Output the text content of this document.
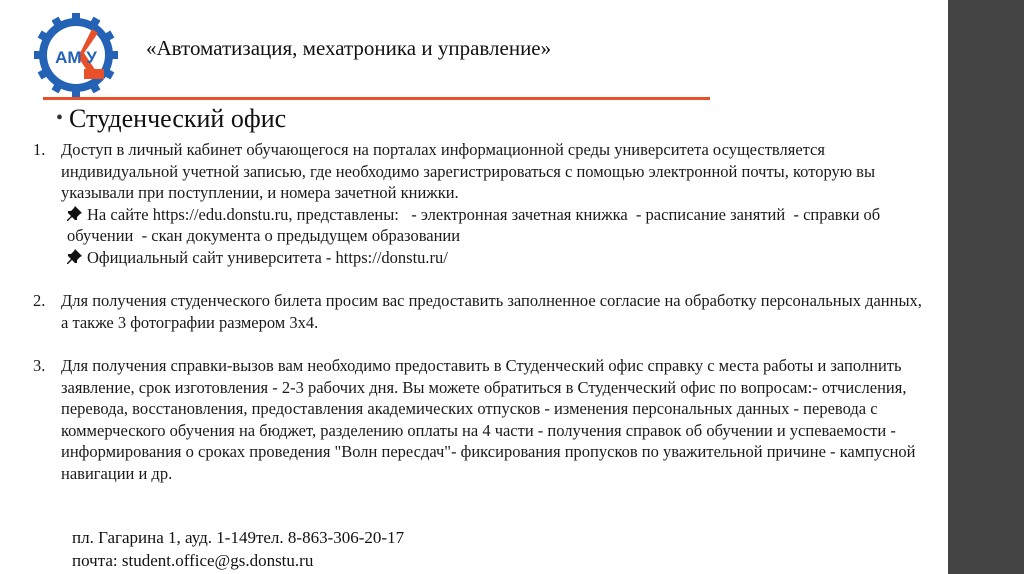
АМ У «Автоматизация, мехатроника и управление»
• Студенческий офис
1. Доступ в личный кабинет обучающегося на порталах информационной среды университета осуществляется индивидуальной учетной записью, где необходимо зарегистрироваться с помощью электронной почты, которую вы указывали при поступлении, и номера зачетной книжки.
На сайте https://edu.donstu.ru, представлены:   - электронная зачетная книжка  - расписание занятий  - справки об обучении  - скан документа о предыдущем образовании
Официальный сайт университета - https://donstu.ru/
2. Для получения студенческого билета просим вас предоставить заполненное согласие на обработку персональных данных, а также 3 фотографии размером 3х4.
3. Для получения справки-вызов вам необходимо предоставить в Студенческий офис справку с места работы и заполнить заявление, срок изготовления - 2-3 рабочих дня. Вы можете обратиться в Студенческий офис по вопросам:- отчисления, перевода, восстановления, предоставления академических отпусков - изменения персональных данных - перевода с коммерческого обучения на бюджет, разделению оплаты на 4 части - получения справок об обучении и успеваемости - информирования о сроках проведения "Волн пересдач"- фиксирования пропусков по уважительной причине - кампусной навигации и др.
пл. Гагарина 1, ауд. 1-149тел. 8-863-306-20-17
почта: student.office@gs.donstu.ru
